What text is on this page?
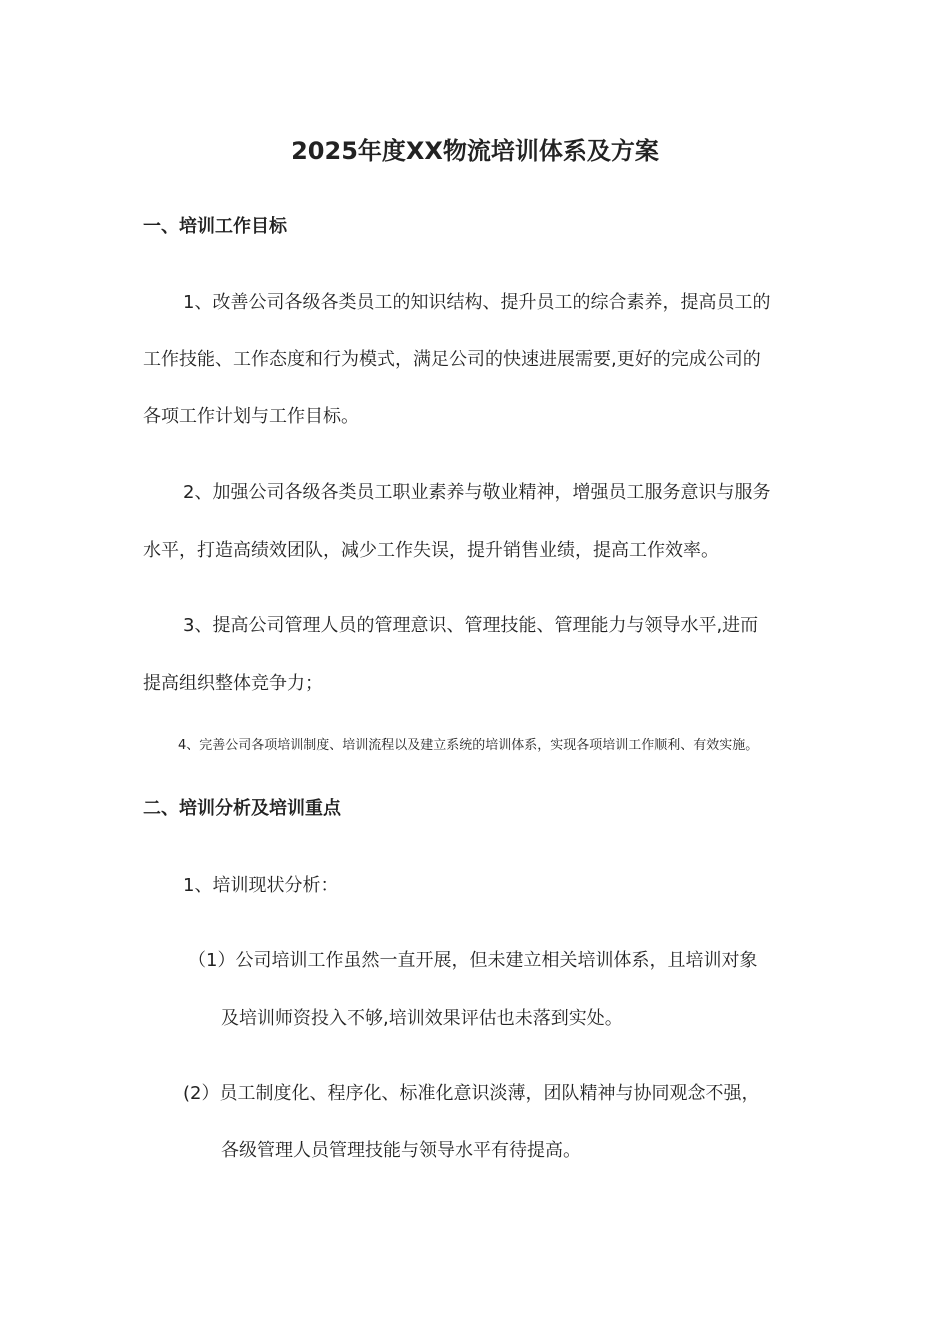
2025年度XX物流培训体系及方案
一、培训工作目标
1、改善公司各级各类员工的知识结构、提升员工的综合素养，提高员工的
工作技能、工作态度和行为模式，满足公司的快速进展需要,更好的完成公司的
各项工作计划与工作目标。
2、加强公司各级各类员工职业素养与敬业精神，增强员工服务意识与服务
水平，打造高绩效团队，减少工作失误，提升销售业绩，提高工作效率。
3、提高公司管理人员的管理意识、管理技能、管理能力与领导水平,进而
提高组织整体竞争力；
4、完善公司各项培训制度、培训流程以及建立系统的培训体系，实现各项培训工作顺利、有效实施。
二、培训分析及培训重点
1、培训现状分析：
（1）公司培训工作虽然一直开展，但未建立相关培训体系，且培训对象
及培训师资投入不够,培训效果评估也未落到实处。
(2）员工制度化、程序化、标准化意识淡薄，团队精神与协同观念不强，
各级管理人员管理技能与领导水平有待提高。
